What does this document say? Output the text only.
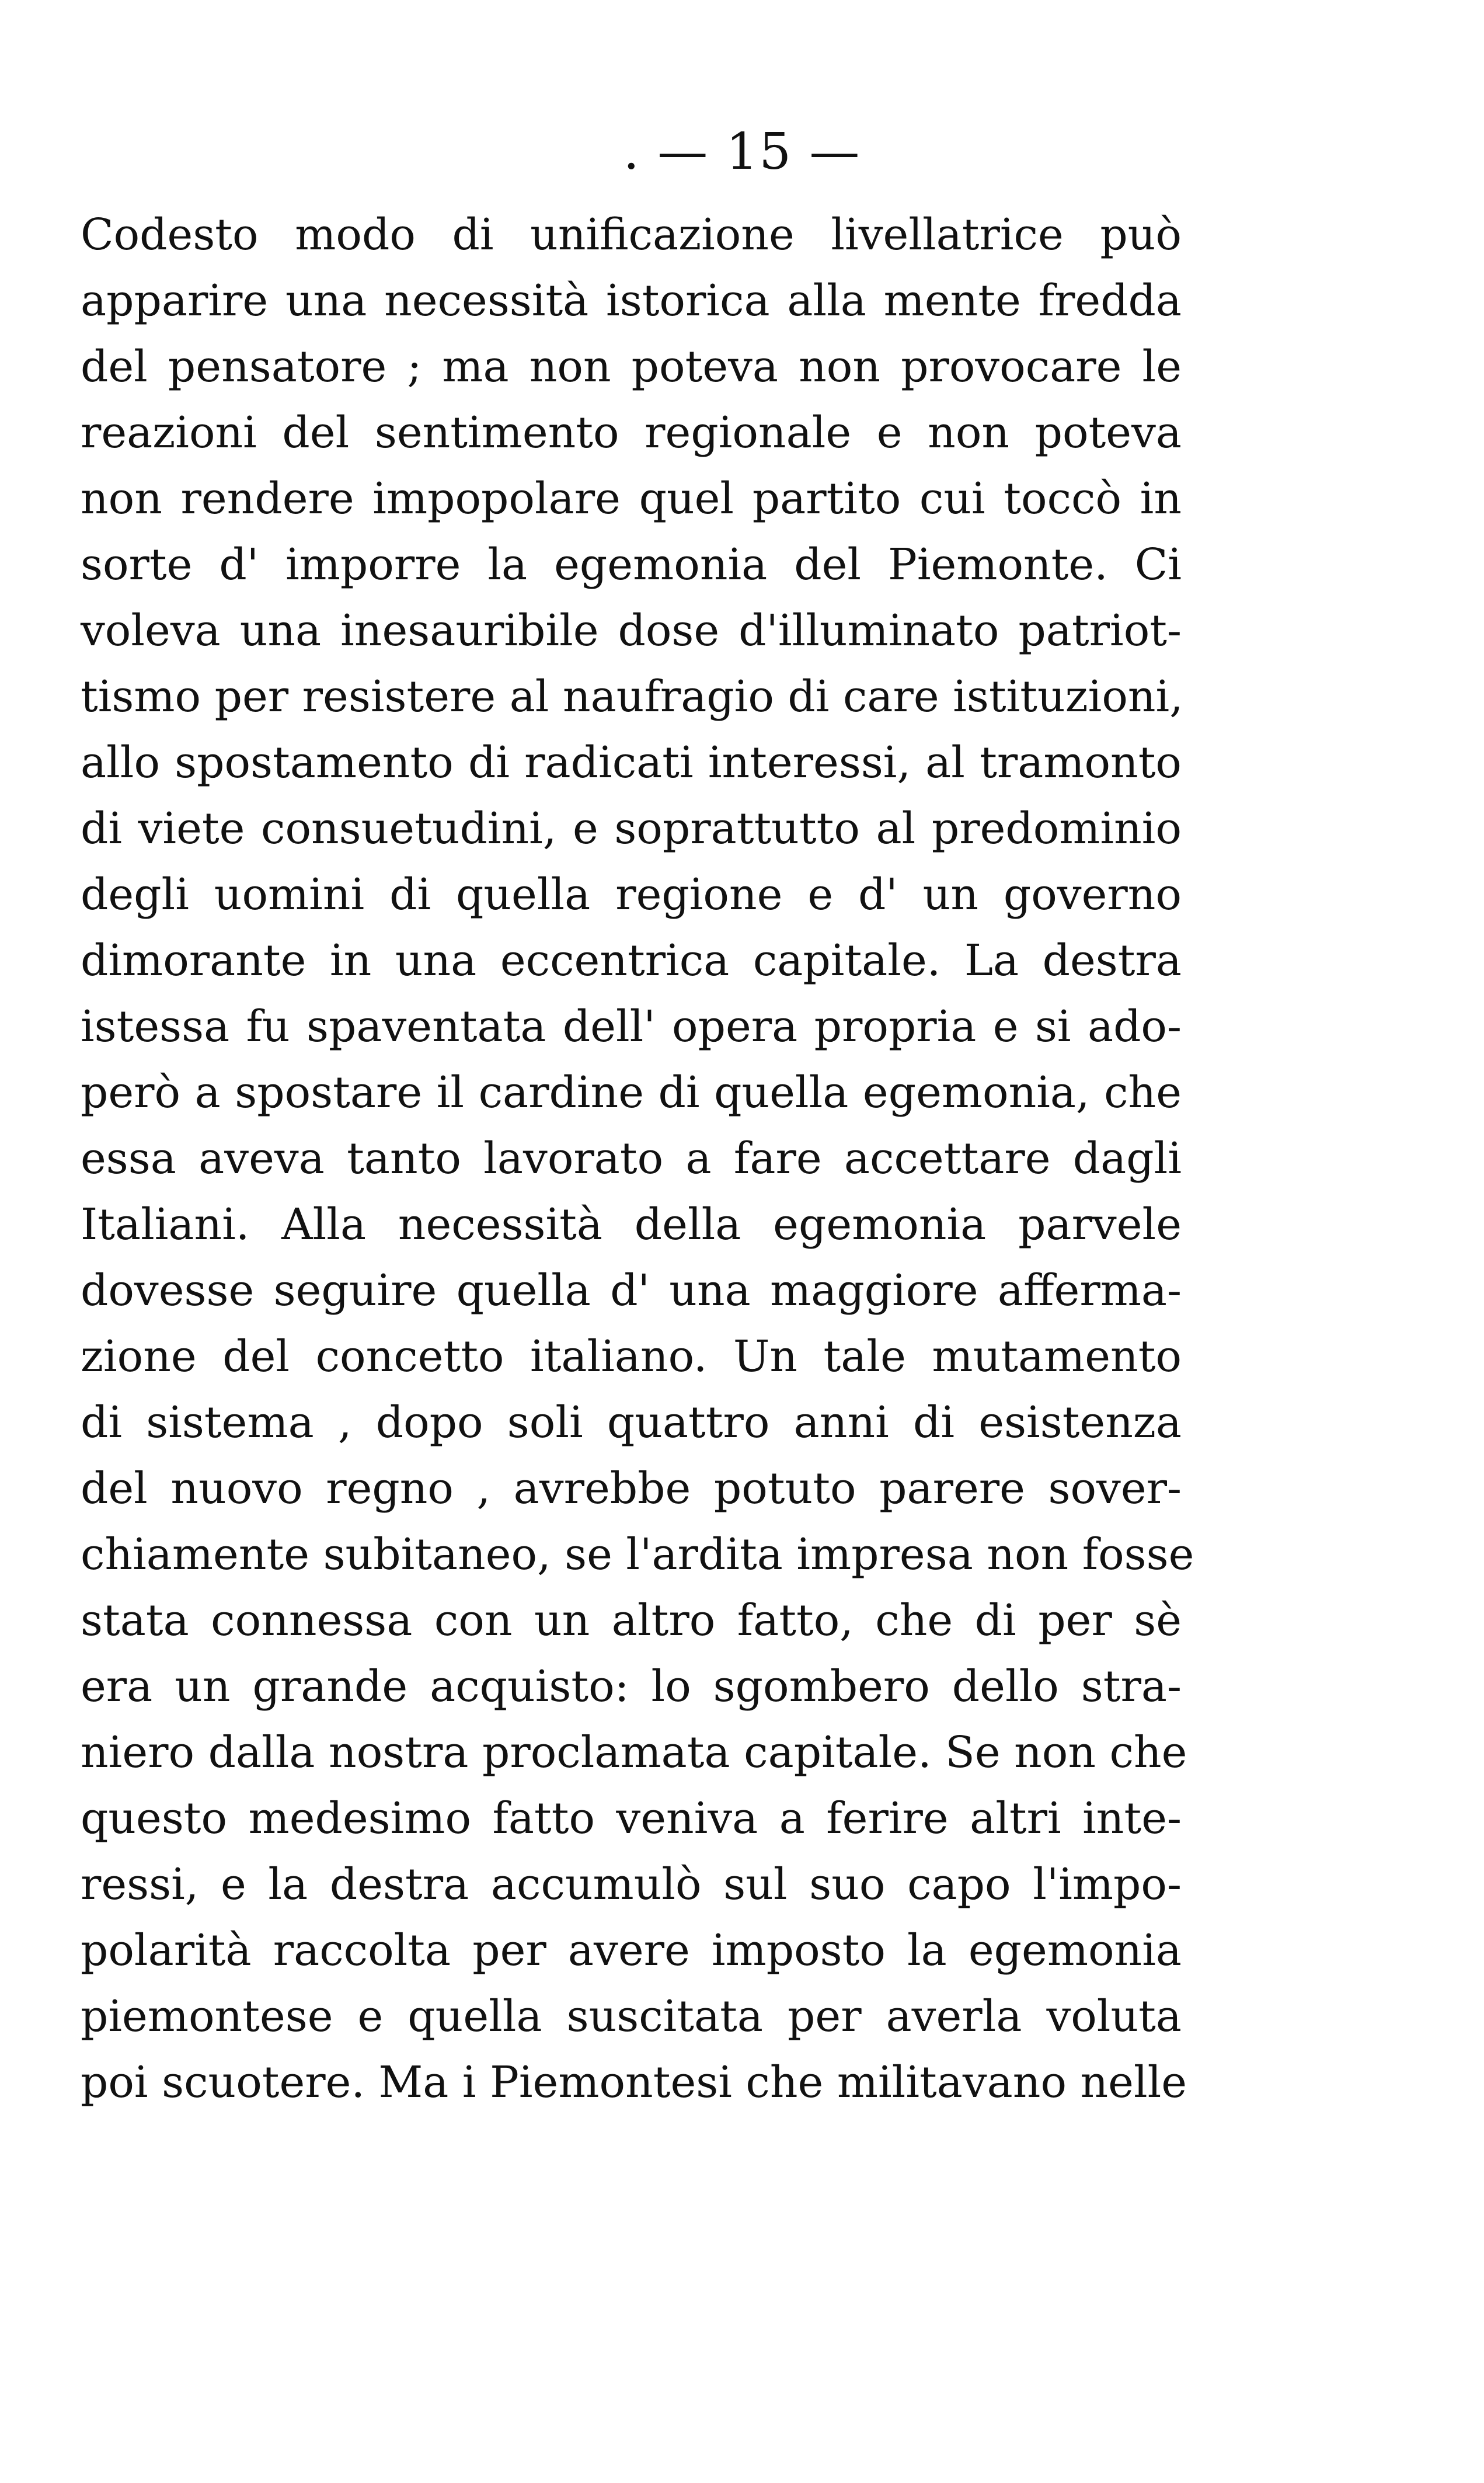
. — 15 —
Codesto modo di unificazione livellatrice può
apparire una necessità istorica alla mente fredda
del pensatore ; ma non poteva non provocare le
reazioni del sentimento regionale e non poteva
non rendere impopolare quel partito cui toccò in
sorte d' imporre la egemonia del Piemonte. Ci
voleva una inesauribile dose d'illuminato patriot-
tismo per resistere al naufragio di care istituzioni,
allo spostamento di radicati interessi, al tramonto
di viete consuetudini, e soprattutto al predominio
degli uomini di quella regione e d' un governo
dimorante in una eccentrica capitale. La destra
istessa fu spaventata dell' opera propria e si ado-
però a spostare il cardine di quella egemonia, che
essa aveva tanto lavorato a fare accettare dagli
Italiani. Alla necessità della egemonia parvele
dovesse seguire quella d' una maggiore afferma-
zione del concetto italiano. Un tale mutamento
di sistema , dopo soli quattro anni di esistenza
del nuovo regno , avrebbe potuto parere sover-
chiamente subitaneo, se l'ardita impresa non fosse
stata connessa con un altro fatto, che di per sè
era un grande acquisto: lo sgombero dello stra-
niero dalla nostra proclamata capitale. Se non che
questo medesimo fatto veniva a ferire altri inte-
ressi, e la destra accumulò sul suo capo l'impo-
polarità raccolta per avere imposto la egemonia
piemontese e quella suscitata per averla voluta
poi scuotere. Ma i Piemontesi che militavano nelle
